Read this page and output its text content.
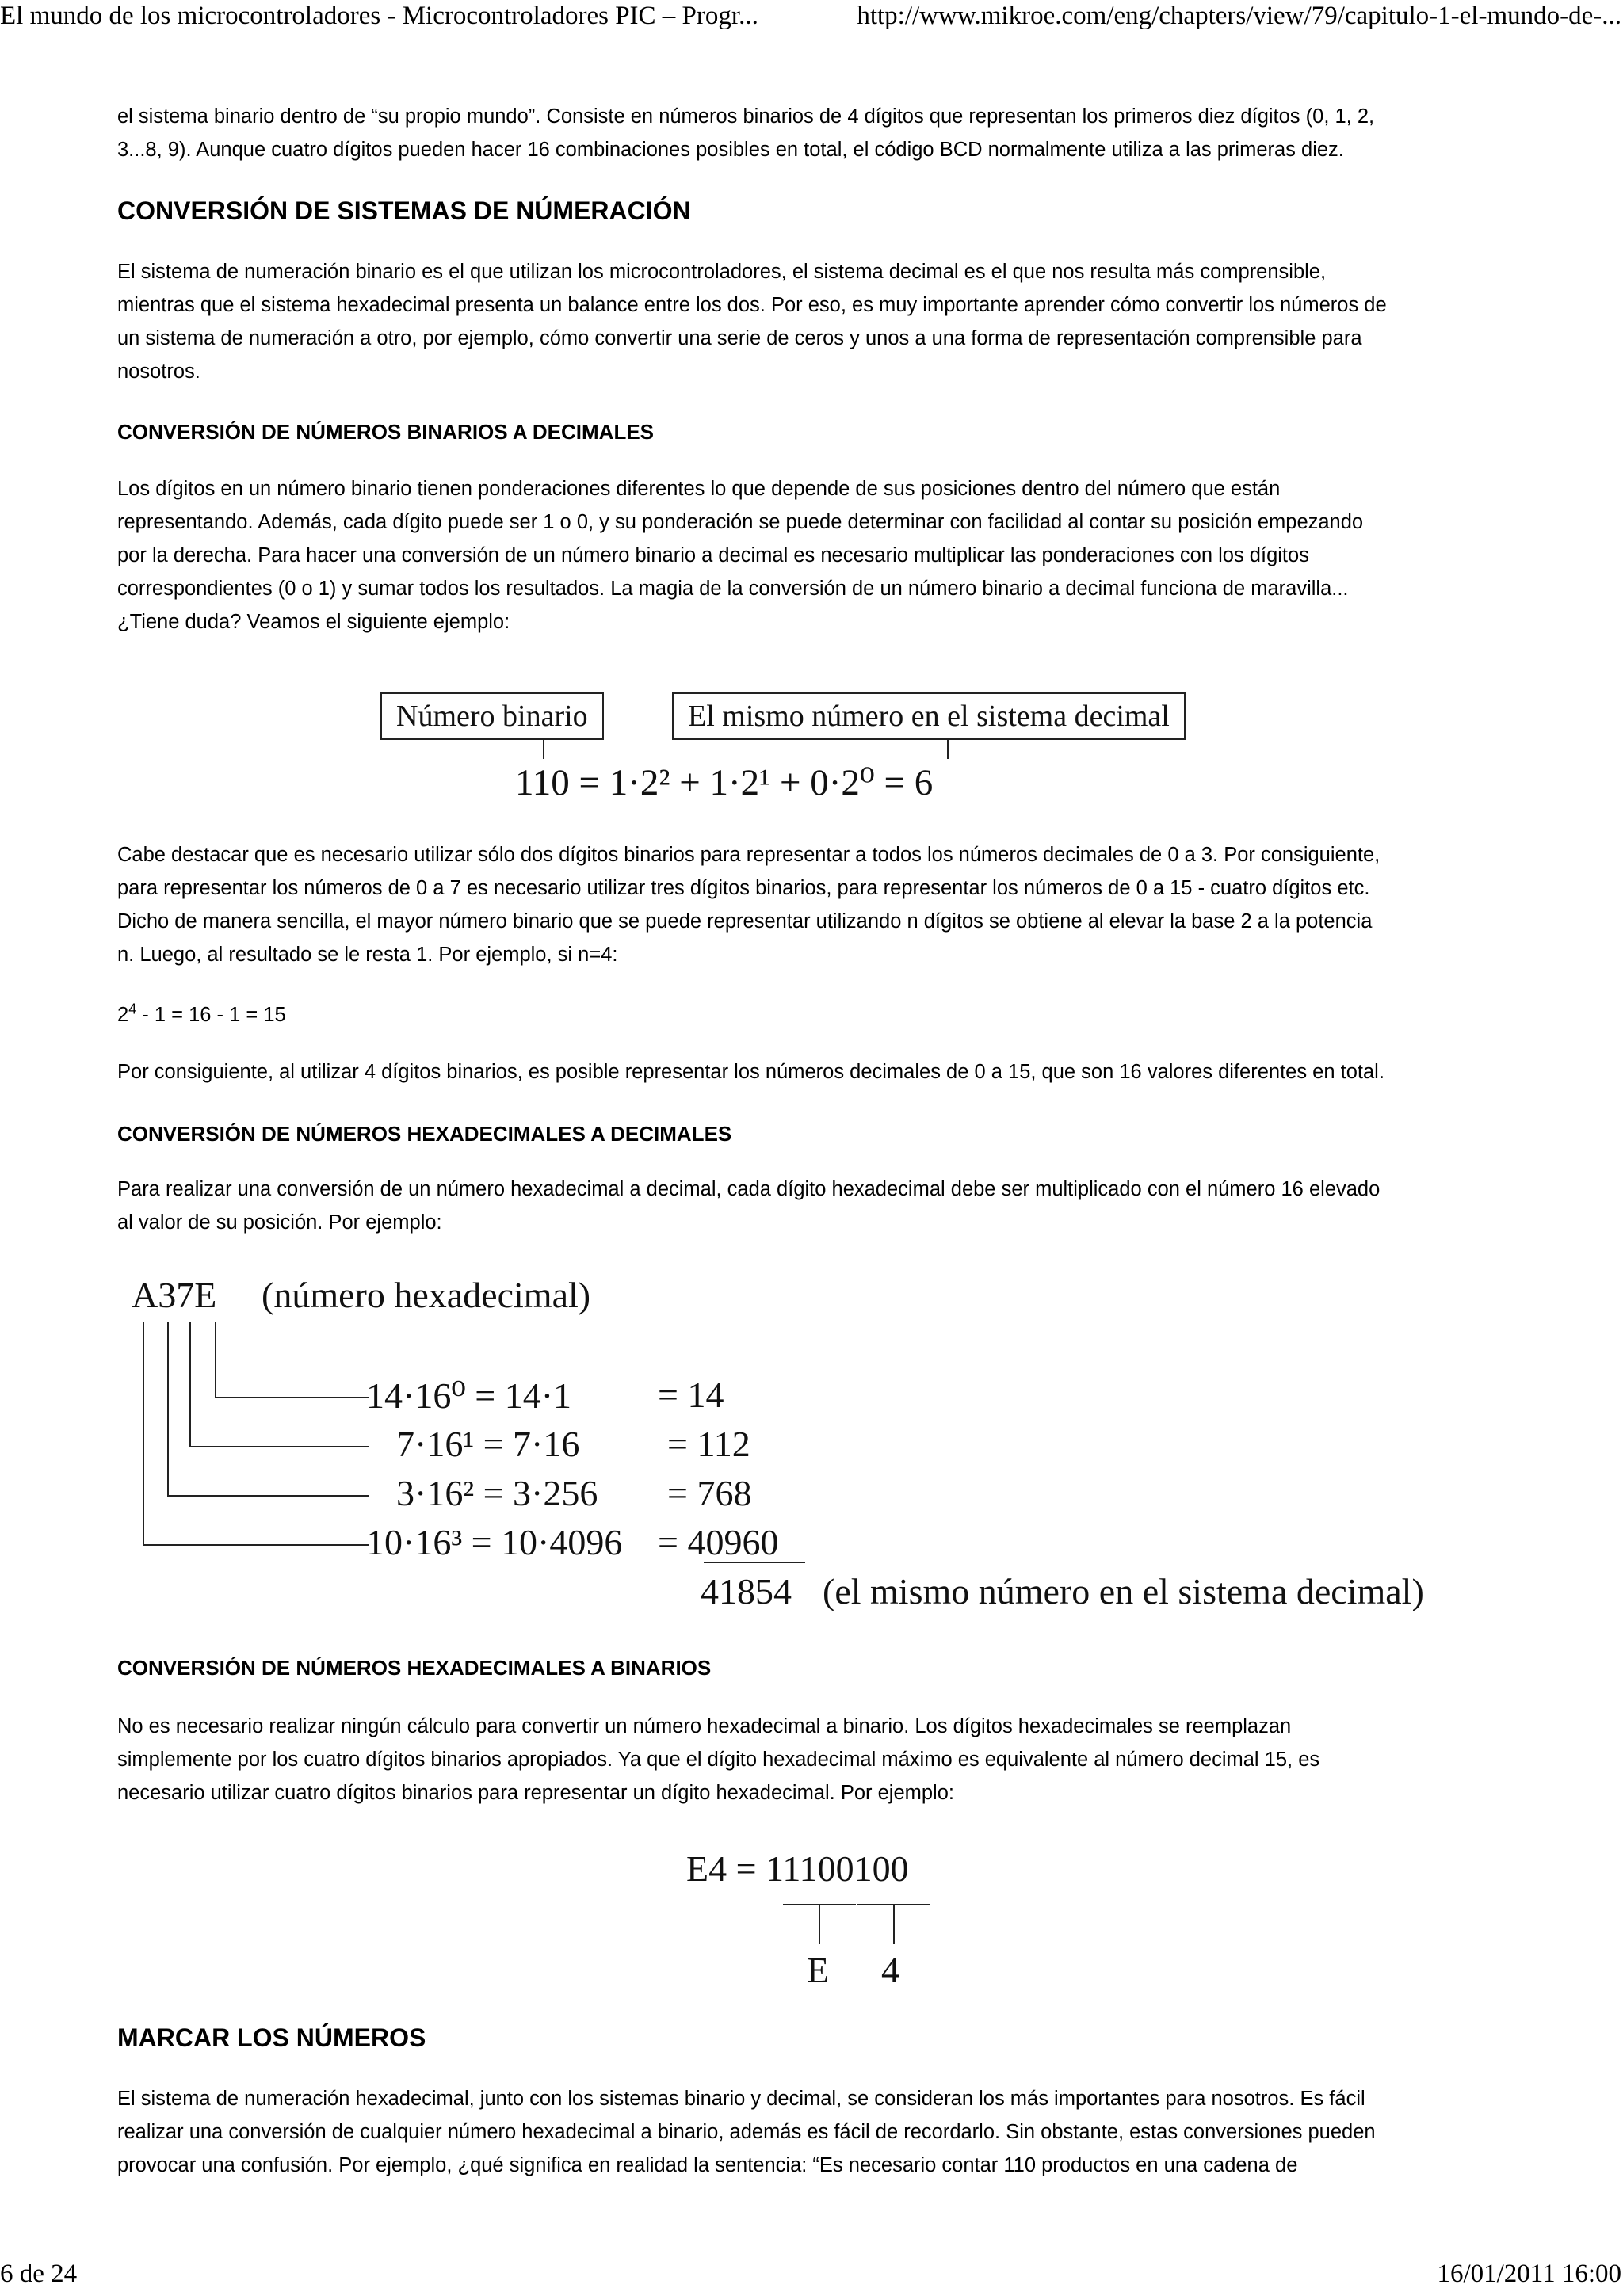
El mundo de los microcontroladores - Microcontroladores PIC – Progr...	http://www.mikroe.com/eng/chapters/view/79/capitulo-1-el-mundo-de-...

el sistema binario dentro de “su propio mundo”. Consiste en números binarios de 4 dígitos que representan los primeros diez dígitos (0, 1, 2,

3...8, 9). Aunque cuatro dígitos pueden hacer 16 combinaciones posibles en total, el código BCD normalmente utiliza a las primeras diez.

CONVERSIÓN DE SISTEMAS DE NÚMERACIÓN

El sistema de numeración binario es el que utilizan los microcontroladores, el sistema decimal es el que nos resulta más comprensible,

mientras que el sistema hexadecimal presenta un balance entre los dos. Por eso, es muy importante aprender cómo convertir los números de

un sistema de numeración a otro, por ejemplo, cómo convertir una serie de ceros y unos a una forma de representación comprensible para

nosotros.

CONVERSIÓN DE NÚMEROS BINARIOS A DECIMALES

Los dígitos en un número binario tienen ponderaciones diferentes lo que depende de sus posiciones dentro del número que están

representando. Además, cada dígito puede ser 1 o 0, y su ponderación se puede determinar con facilidad al contar su posición empezando

por la derecha. Para hacer una conversión de un número binario a decimal es necesario multiplicar las ponderaciones con los dígitos

correspondientes (0 o 1) y sumar todos los resultados. La magia de la conversión de un número binario a decimal funciona de maravilla...

¿Tiene duda? Veamos el siguiente ejemplo:

Número binario	El mismo número en el sistema decimal
110 = 1·2² + 1·2¹ + 0·2⁰ = 6

Cabe destacar que es necesario utilizar sólo dos dígitos binarios para representar a todos los números decimales de 0 a 3. Por consiguiente,

para representar los números de 0 a 7 es necesario utilizar tres dígitos binarios, para representar los números de 0 a 15 - cuatro dígitos etc.

Dicho de manera sencilla, el mayor número binario que se puede representar utilizando n dígitos se obtiene al elevar la base 2 a la potencia

n. Luego, al resultado se le resta 1. Por ejemplo, si n=4:

$2^4 - 1 = 16 - 1 = 15$

Por consiguiente, al utilizar 4 dígitos binarios, es posible representar los números decimales de 0 a 15, que son 16 valores diferentes en total.

CONVERSIÓN DE NÚMEROS HEXADECIMALES A DECIMALES

Para realizar una conversión de un número hexadecimal a decimal, cada dígito hexadecimal debe ser multiplicado con el número 16 elevado

al valor de su posición. Por ejemplo:

A37E (número hexadecimal)
14·16⁰ = 14·1 = 14
7·16¹ = 7·16 = 112
3·16² = 3·256 = 768
10·16³ = 10·4096 = 40960
41854 (el mismo número en el sistema decimal)
CONVERSIÓN DE NÚMEROS HEXADECIMALES A BINARIOS

No es necesario realizar ningún cálculo para convertir un número hexadecimal a binario. Los dígitos hexadecimales se reemplazan

simplemente por los cuatro dígitos binarios apropiados. Ya que el dígito hexadecimal máximo es equivalente al número decimal 15, es

necesario utilizar cuatro dígitos binarios para representar un dígito hexadecimal. Por ejemplo:

E4 = 11100100
E 4
MARCAR LOS NÚMEROS

El sistema de numeración hexadecimal, junto con los sistemas binario y decimal, se consideran los más importantes para nosotros. Es fácil

realizar una conversión de cualquier número hexadecimal a binario, además es fácil de recordarlo. Sin obstante, estas conversiones pueden

provocar una confusión. Por ejemplo, ¿qué significa en realidad la sentencia: “Es necesario contar 110 productos en una cadena de

6 de 24	16/01/2011 16:00
